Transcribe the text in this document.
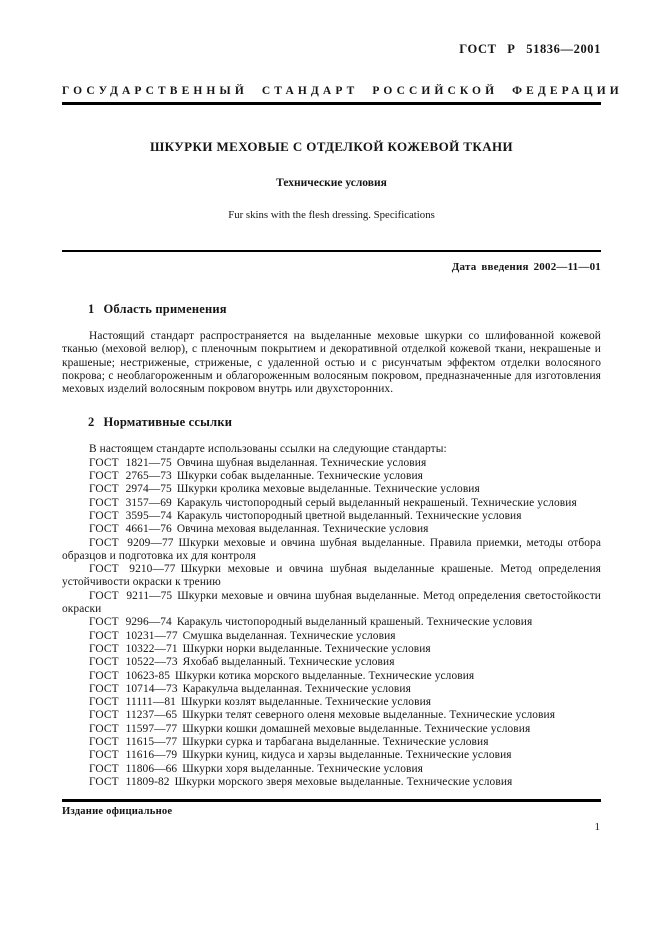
ГОСТ Р 51836—2001
ГОСУДАРСТВЕННЫЙ СТАНДАРТ РОССИЙСКОЙ ФЕДЕРАЦИИ
ШКУРКИ МЕХОВЫЕ С ОТДЕЛКОЙ КОЖЕВОЙ ТКАНИ
Технические условия
Fur skins with the flesh dressing. Specifications
Дата введения 2002—11—01
1 Область применения

Настоящий стандарт распространяется на выделанные меховые шкурки со шлифованной кожевой тканью (меховой велюр), с пленочным покрытием и декоративной отделкой кожевой ткани, некрашеные и крашеные; нестриженые, стриженые, с удаленной остью и с рисунчатым эффектом отделки волосяного покрова; с необлагороженным и облагороженным волосяным покровом, предназначенные для изготовления меховых изделий волосяным покровом внутрь или двухсторонних.

2 Нормативные ссылки

В настоящем стандарте использованы ссылки на следующие стандарты:

ГОСТ 1821—75 Овчина шубная выделанная. Технические условия

ГОСТ 2765—73 Шкурки собак выделанные. Технические условия

ГОСТ 2974—75 Шкурки кролика меховые выделанные. Технические условия

ГОСТ 3157—69 Каракуль чистопородный серый выделанный некрашеный. Технические условия

ГОСТ 3595—74 Каракуль чистопородный цветной выделанный. Технические условия

ГОСТ 4661—76 Овчина меховая выделанная. Технические условия

ГОСТ 9209—77 Шкурки меховые и овчина шубная выделанные. Правила приемки, методы отбора образцов и подготовка их для контроля

ГОСТ 9210—77 Шкурки меховые и овчина шубная выделанные крашеные. Метод определения устойчивости окраски к трению

ГОСТ 9211—75 Шкурки меховые и овчина шубная выделанные. Метод определения светостойкости окраски

ГОСТ 9296—74 Каракуль чистопородный выделанный крашеный. Технические условия

ГОСТ 10231—77 Смушка выделанная. Технические условия

ГОСТ 10322—71 Шкурки норки выделанные. Технические условия

ГОСТ 10522—73 Яхобаб выделанный. Технические условия

ГОСТ 10623-85 Шкурки котика морского выделанные. Технические условия

ГОСТ 10714—73 Каракульча выделанная. Технические условия

ГОСТ 11111—81 Шкурки козлят выделанные. Технические условия

ГОСТ 11237—65 Шкурки телят северного оленя меховые выделанные. Технические условия

ГОСТ 11597—77 Шкурки кошки домашней меховые выделанные. Технические условия

ГОСТ 11615—77 Шкурки сурка и тарбагана выделанные. Технические условия

ГОСТ 11616—79 Шкурки куниц, кидуса и харзы выделанные. Технические условия

ГОСТ 11806—66 Шкурки хоря выделанные. Технические условия

ГОСТ 11809-82 Шкурки морского зверя меховые выделанные. Технические условия

Издание официальное
1
